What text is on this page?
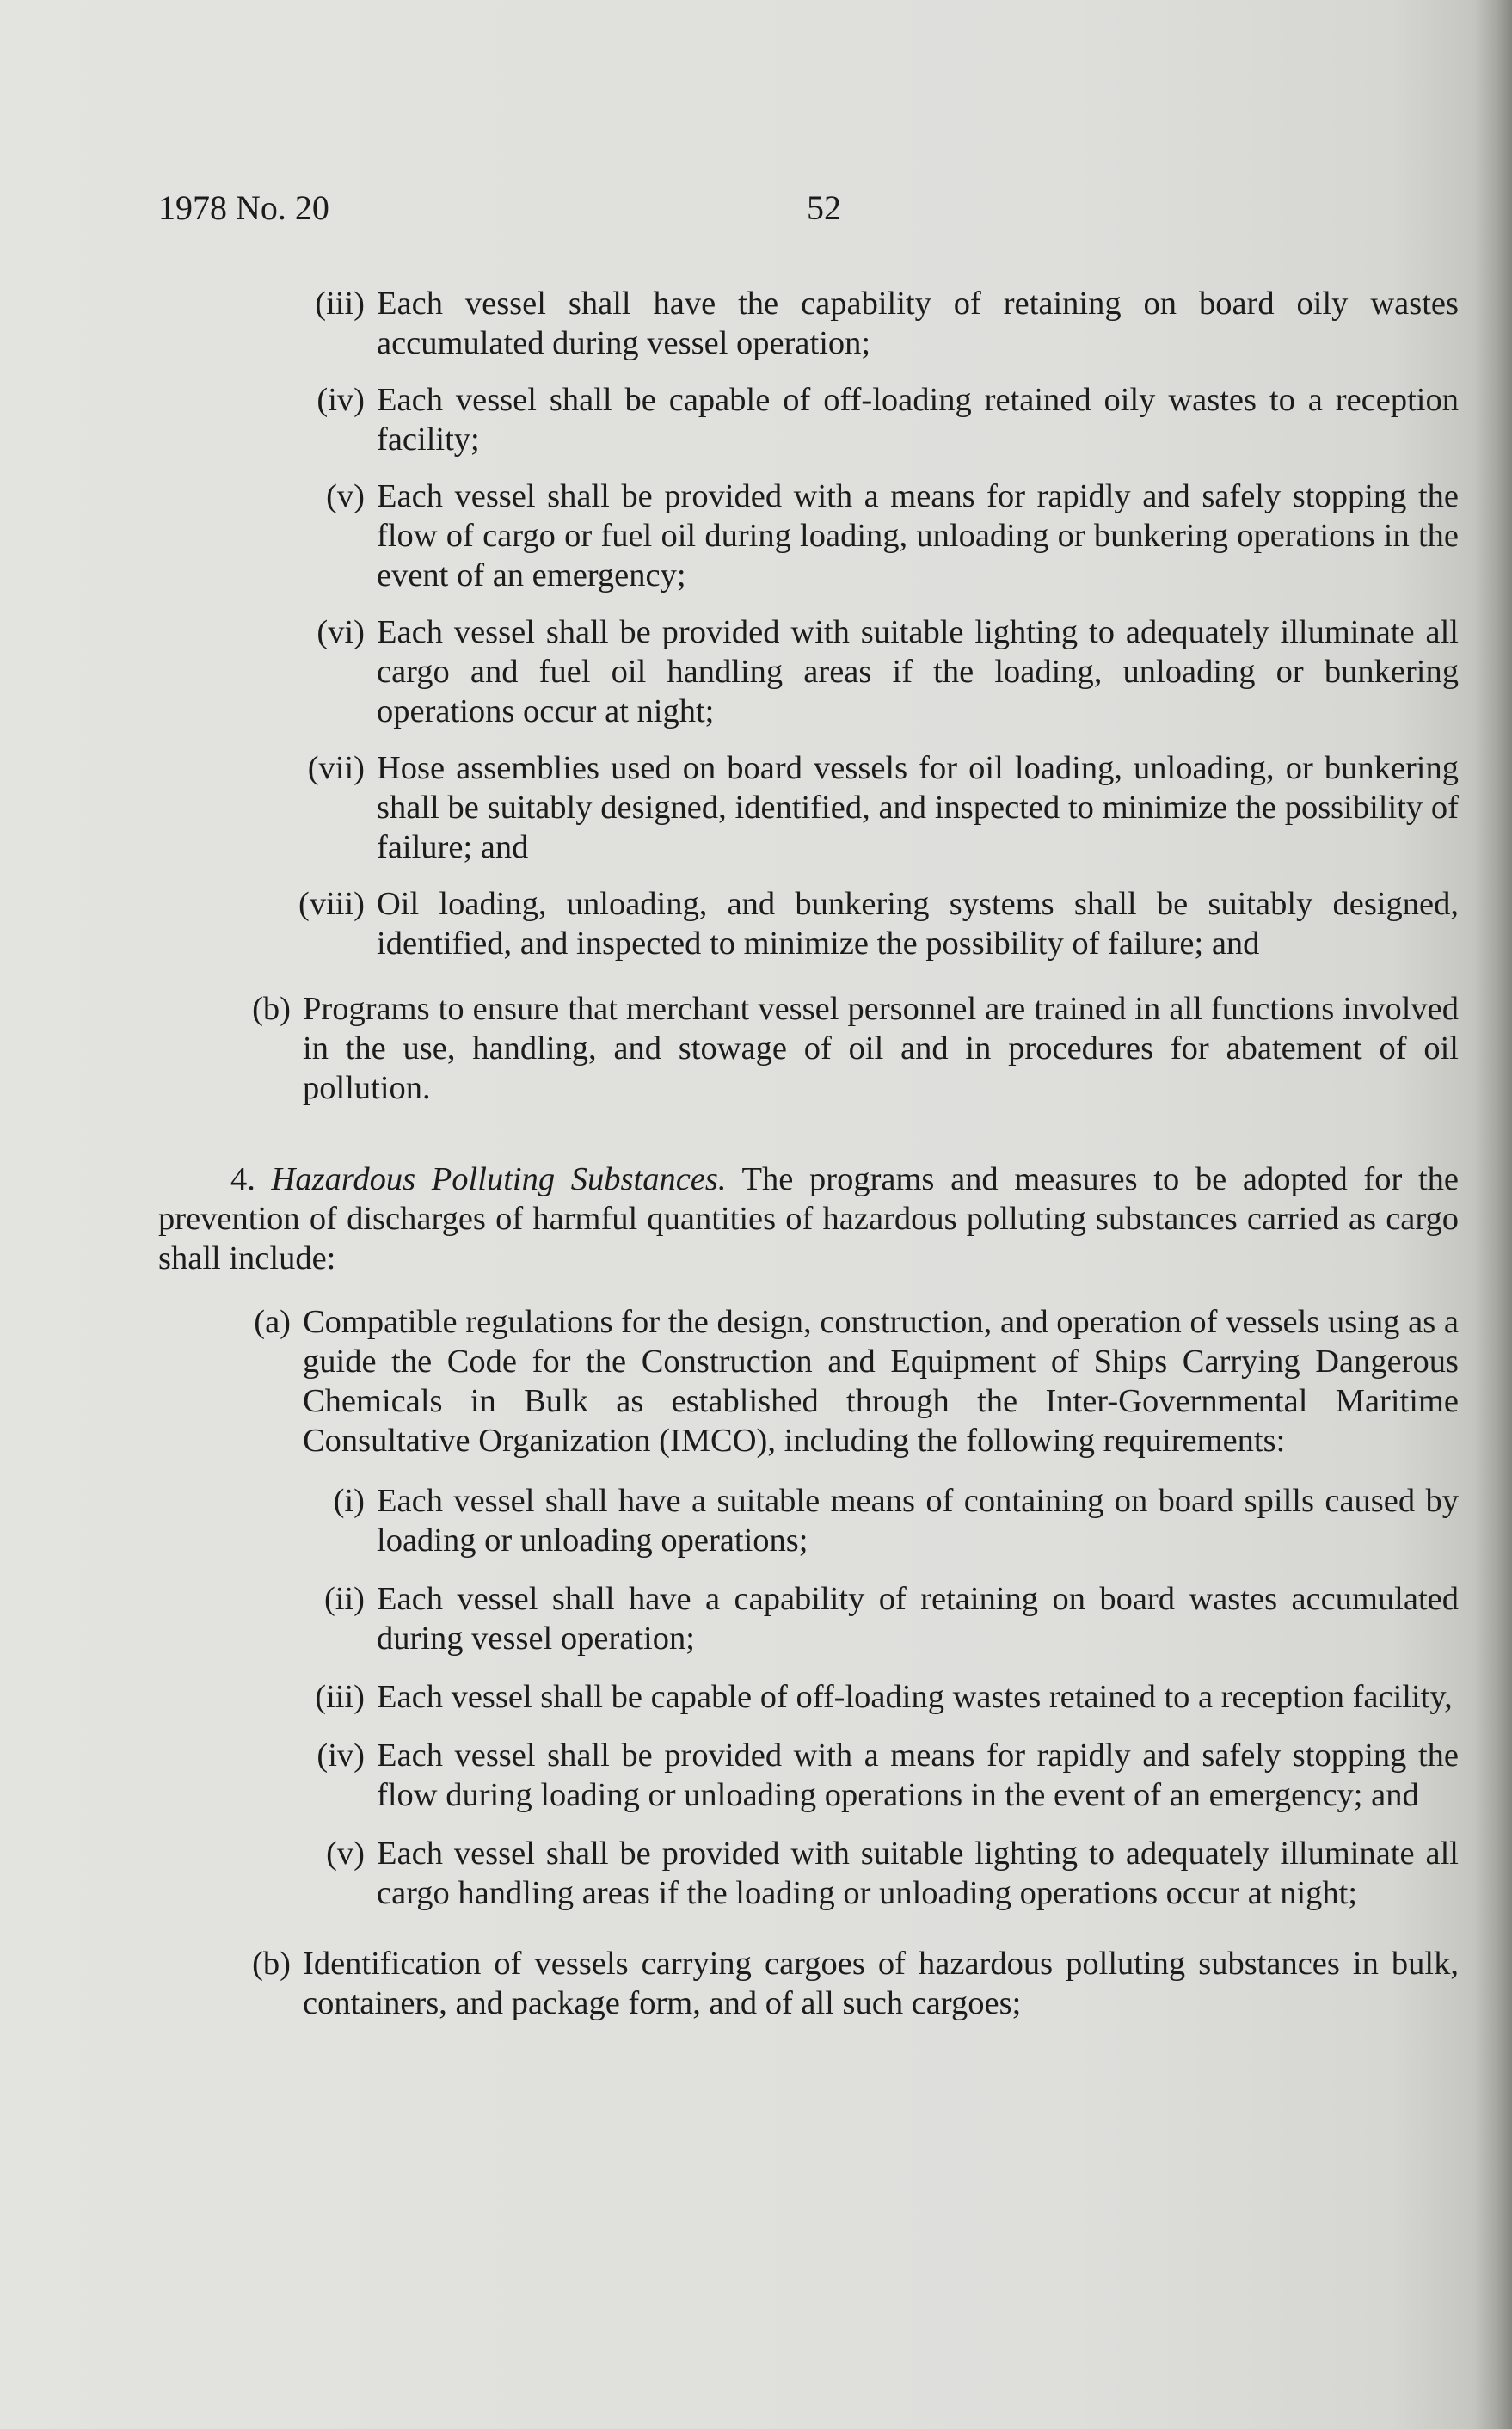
1978 No. 20	52
(iii) Each vessel shall have the capability of retaining on board oily wastes accumulated during vessel operation;
(iv) Each vessel shall be capable of off-loading retained oily wastes to a reception facility;
(v) Each vessel shall be provided with a means for rapidly and safely stopping the flow of cargo or fuel oil during loading, unloading or bunkering operations in the event of an emergency;
(vi) Each vessel shall be provided with suitable lighting to adequately illuminate all cargo and fuel oil handling areas if the loading, unloading or bunkering operations occur at night;
(vii) Hose assemblies used on board vessels for oil loading, unloading, or bunkering shall be suitably designed, identified, and inspected to minimize the possibility of failure; and
(viii) Oil loading, unloading, and bunkering systems shall be suitably designed, identified, and inspected to minimize the possibility of failure; and
(b) Programs to ensure that merchant vessel personnel are trained in all functions involved in the use, handling, and stowage of oil and in procedures for abatement of oil pollution.
4. Hazardous Polluting Substances. The programs and measures to be adopted for the prevention of discharges of harmful quantities of hazardous polluting substances carried as cargo shall include:
(a) Compatible regulations for the design, construction, and operation of vessels using as a guide the Code for the Construction and Equipment of Ships Carrying Dangerous Chemicals in Bulk as established through the Inter-Governmental Maritime Consultative Organization (IMCO), including the following requirements:
(i) Each vessel shall have a suitable means of containing on board spills caused by loading or unloading operations;
(ii) Each vessel shall have a capability of retaining on board wastes accumulated during vessel operation;
(iii) Each vessel shall be capable of off-loading wastes retained to a reception facility,
(iv) Each vessel shall be provided with a means for rapidly and safely stopping the flow during loading or unloading operations in the event of an emergency; and
(v) Each vessel shall be provided with suitable lighting to adequately illuminate all cargo handling areas if the loading or unloading operations occur at night;
(b) Identification of vessels carrying cargoes of hazardous polluting substances in bulk, containers, and package form, and of all such cargoes;
